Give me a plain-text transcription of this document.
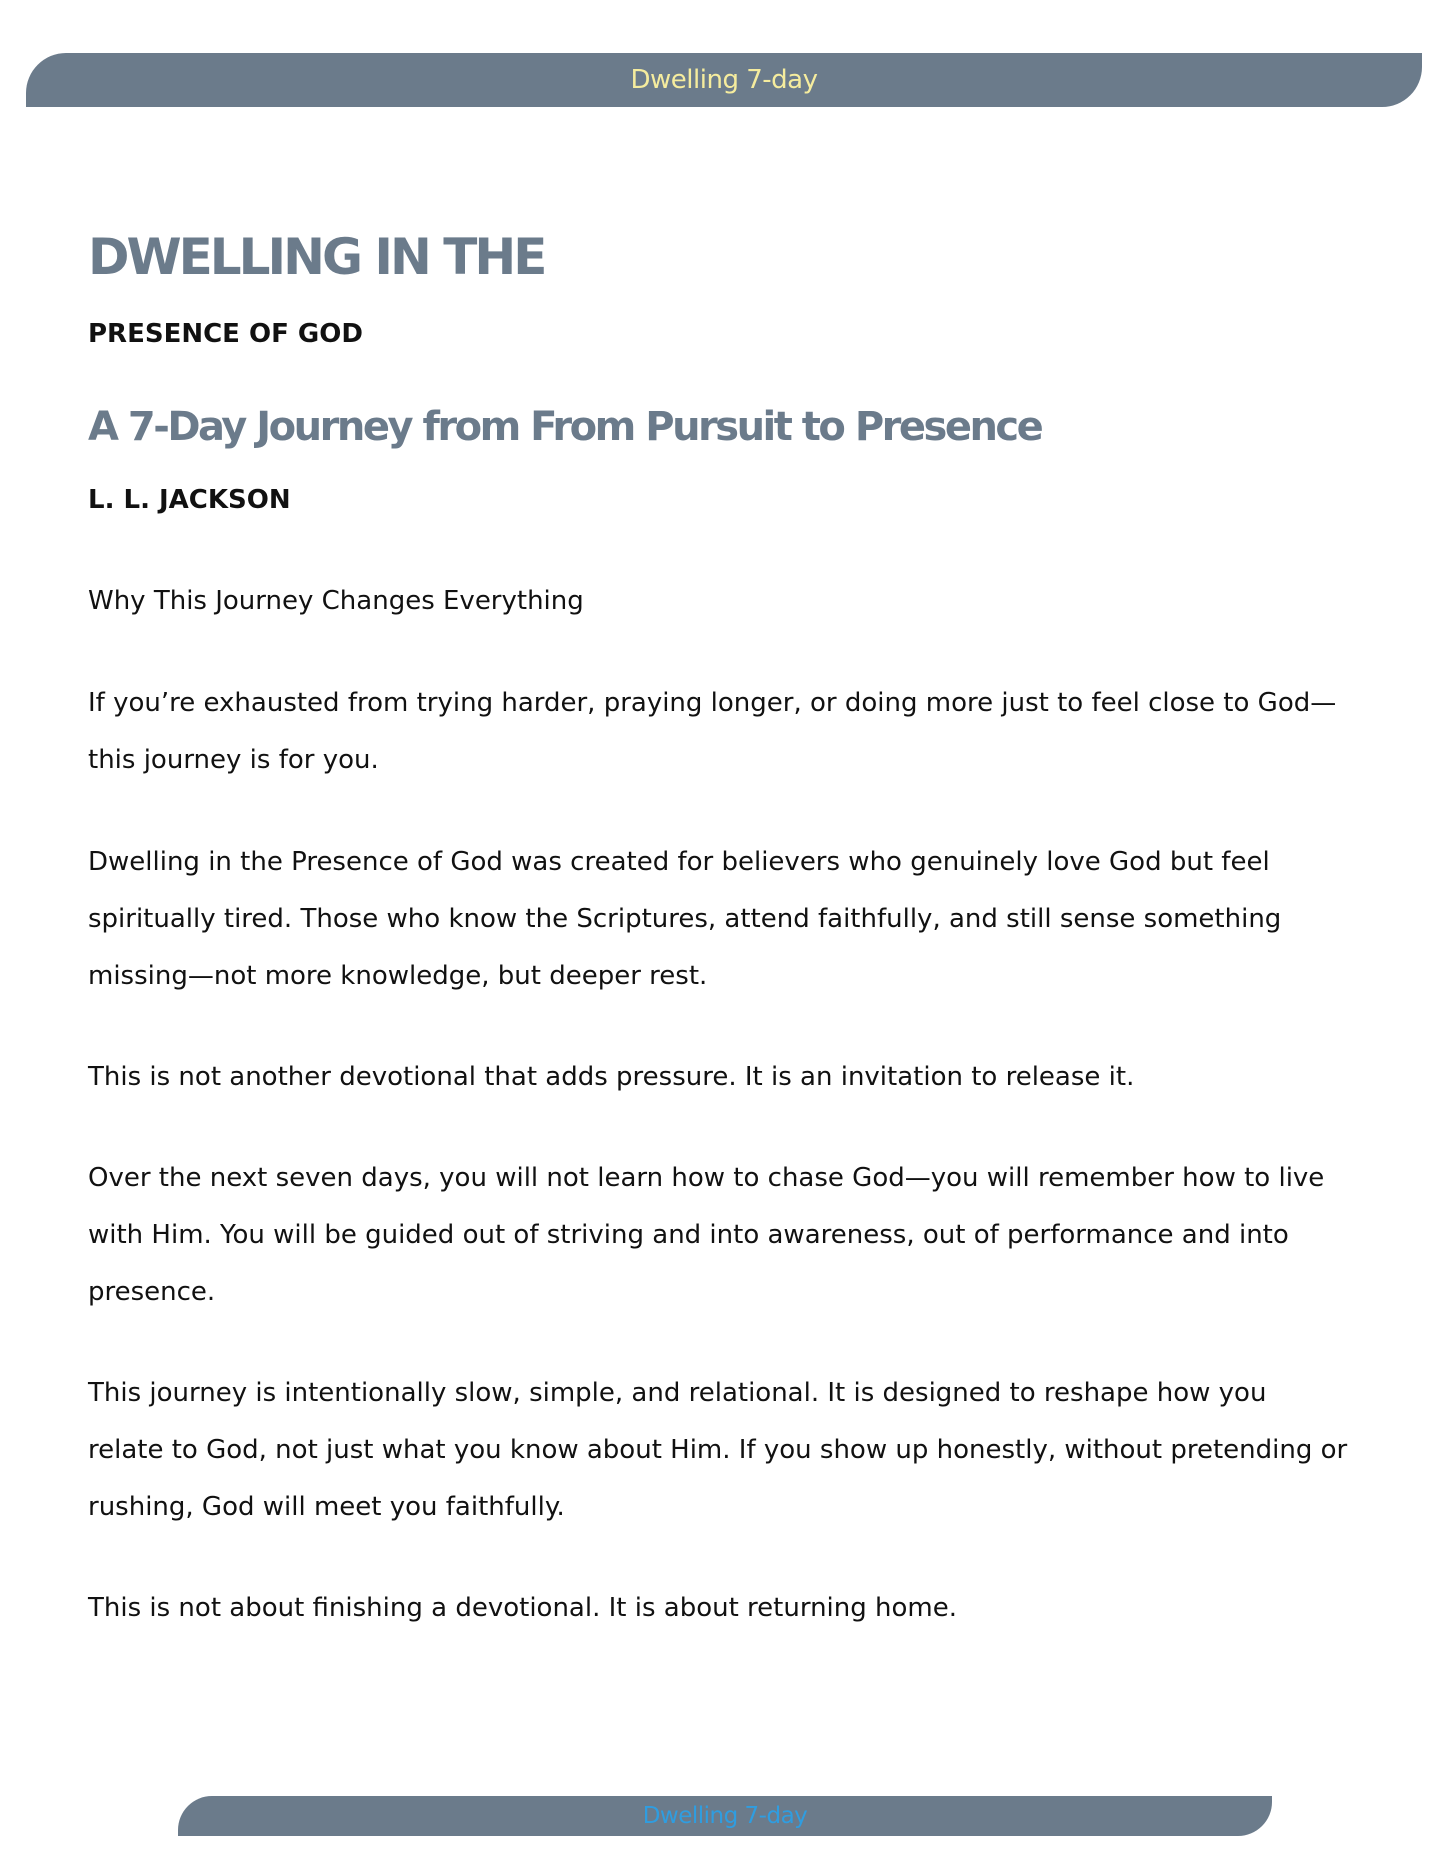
Dwelling 7-day
DWELLING IN THE
PRESENCE OF GOD
A 7-Day Journey from From Pursuit to Presence

L. L. JACKSON

Why This Journey Changes Everything

If you’re exhausted from trying harder, praying longer, or doing more just to feel close to God—this journey is for you.

Dwelling in the Presence of God was created for believers who genuinely love God but feel spiritually tired. Those who know the Scriptures, attend faithfully, and still sense something missing—not more knowledge, but deeper rest.

This is not another devotional that adds pressure. It is an invitation to release it.

Over the next seven days, you will not learn how to chase God—you will remember how to live with Him. You will be guided out of striving and into awareness, out of performance and into presence.

This journey is intentionally slow, simple, and relational. It is designed to reshape how you relate to God, not just what you know about Him. If you show up honestly, without pretending or rushing, God will meet you faithfully.

This is not about finishing a devotional. It is about returning home.

Dwelling 7-day
